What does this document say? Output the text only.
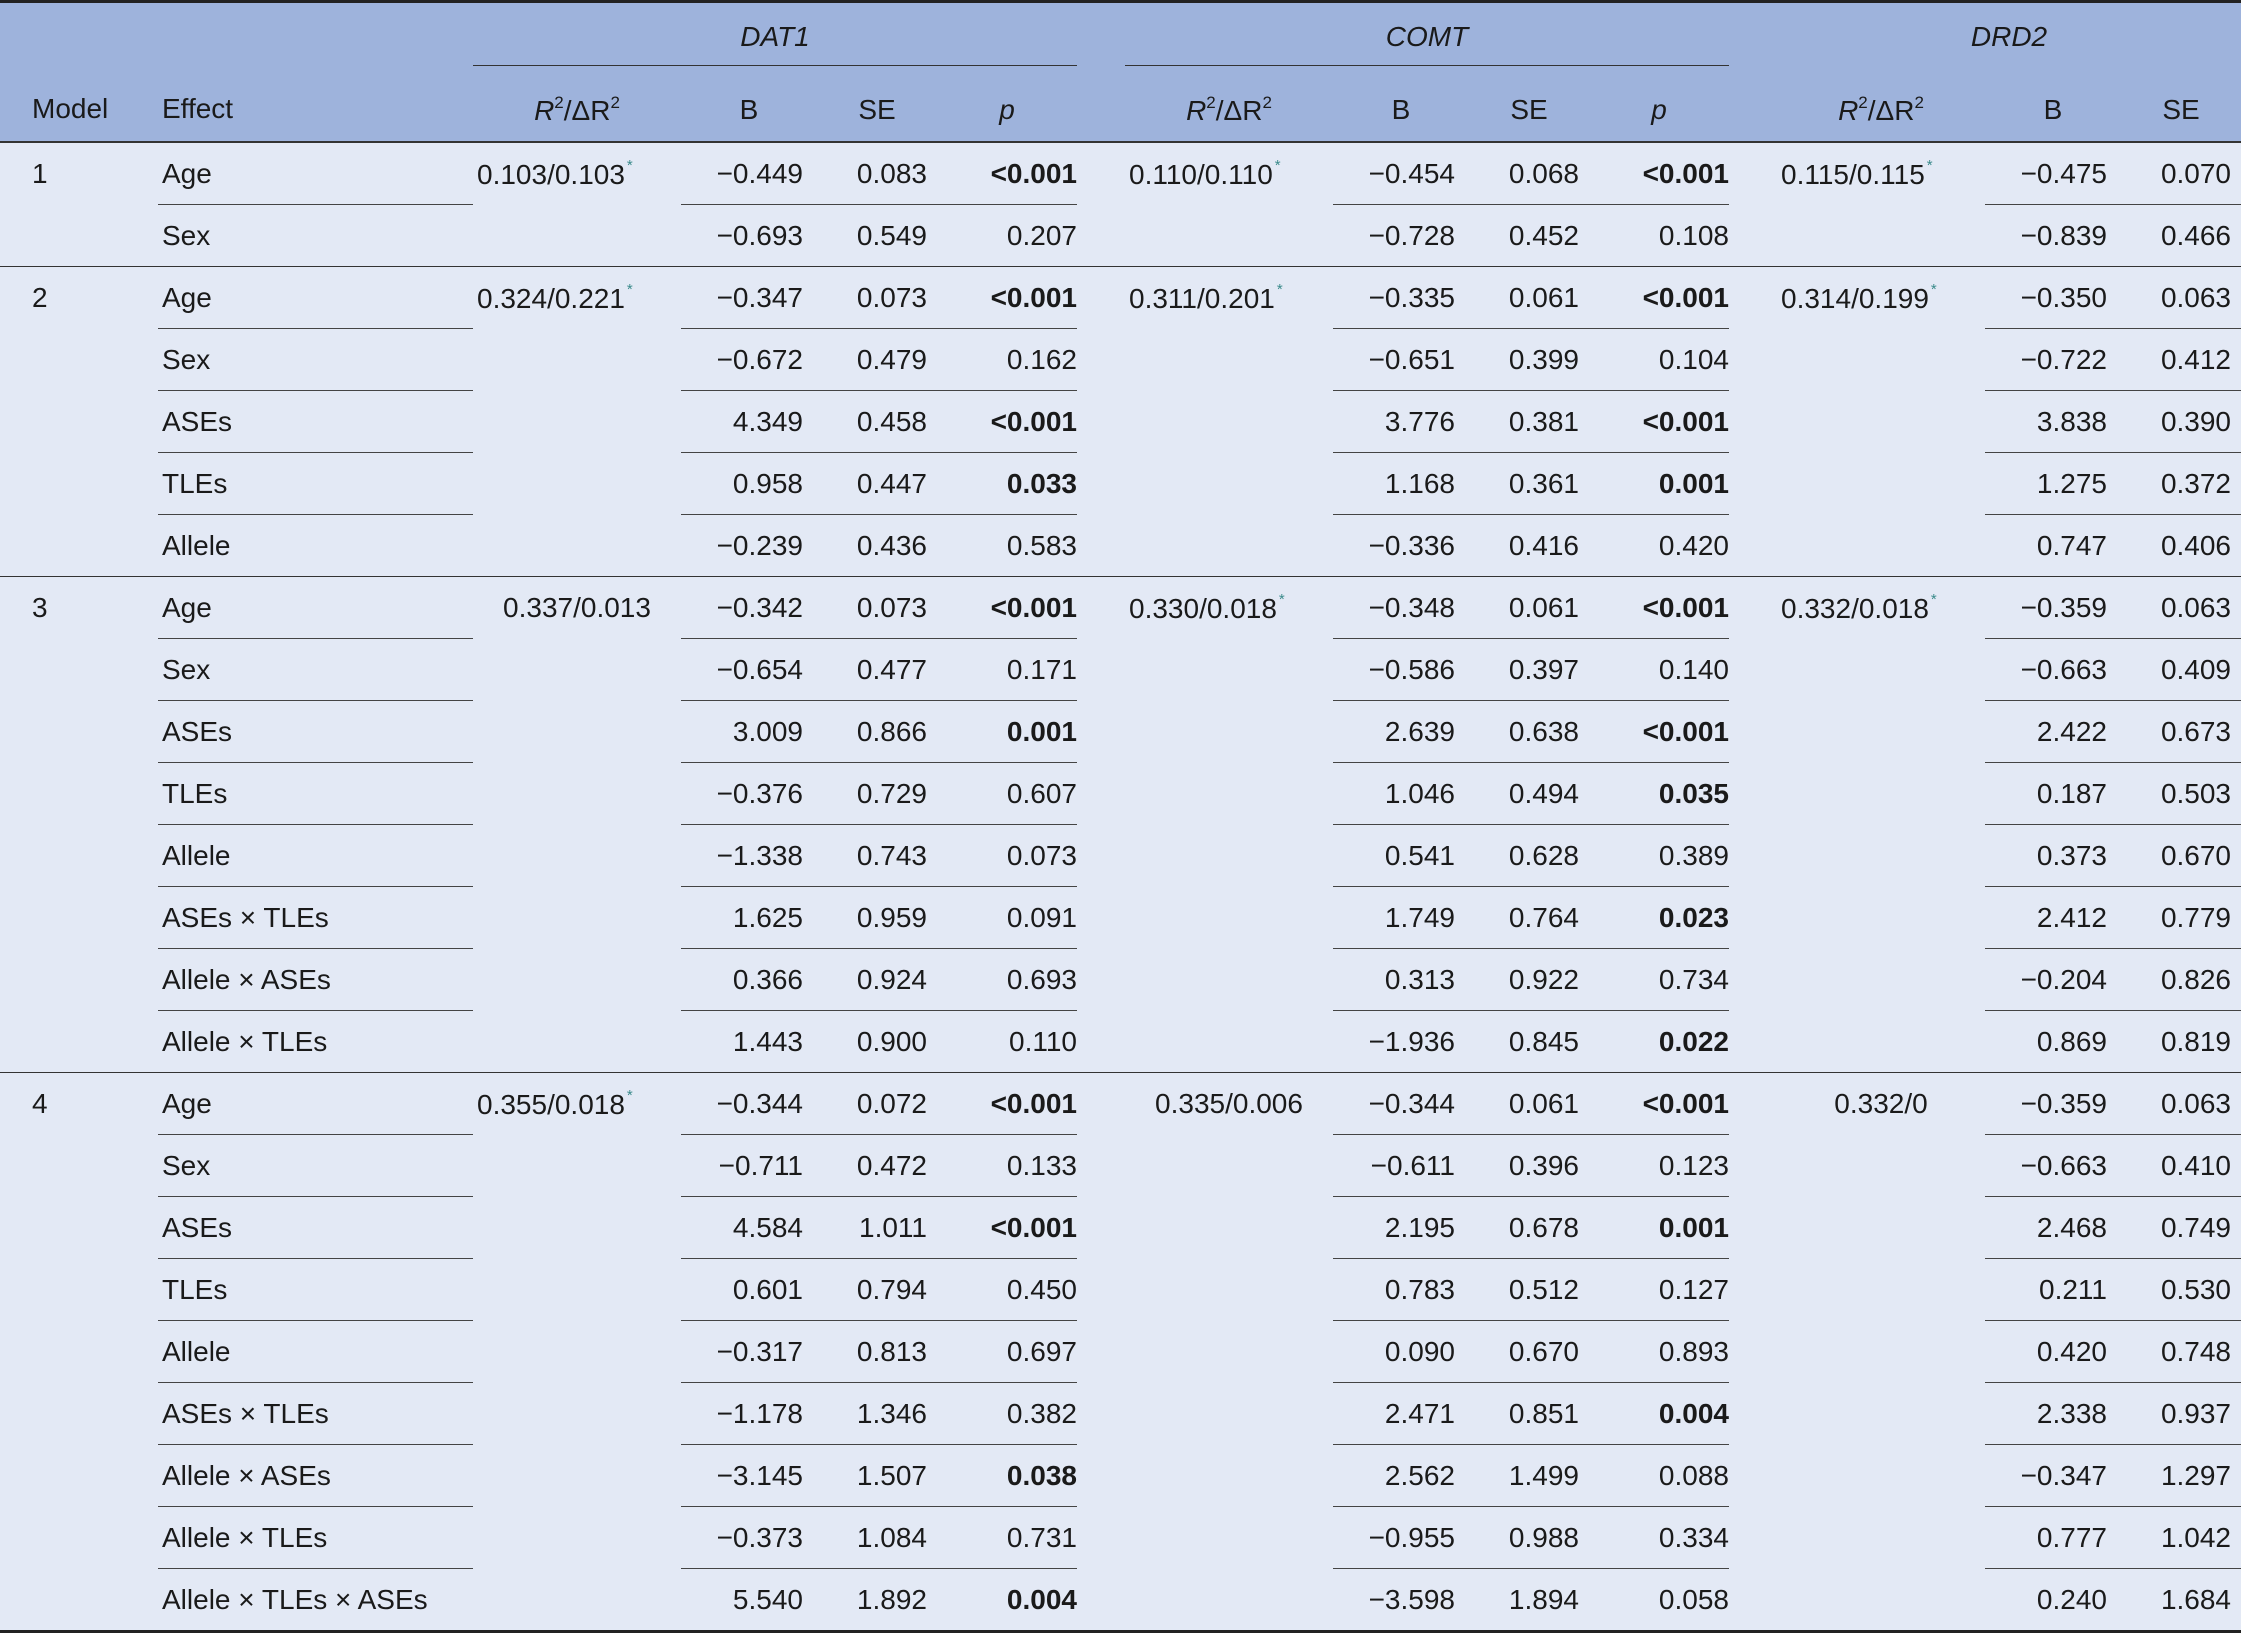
Model	Effect	DAT1					COMT					DRD2		

		$R^2/\Delta R^2$	B	SE	p		$R^2/\Delta R^2$	B	SE	p		$R^2/\Delta R^2$	B	SE
1	Age	0.103/0.103 *	−0.449	0.083	<0.001		0.110/0.110 *	−0.454	0.068	<0.001		0.115/0.115 *	−0.475	0.070
	Sex		−0.693	0.549	0.207			−0.728	0.452	0.108			−0.839	0.466
2	Age	0.324/0.221 *	−0.347	0.073	<0.001		0.311/0.201 *	−0.335	0.061	<0.001		0.314/0.199 *	−0.350	0.063
	Sex		−0.672	0.479	0.162			−0.651	0.399	0.104			−0.722	0.412
	ASEs		4.349	0.458	<0.001			3.776	0.381	<0.001			3.838	0.390
	TLEs		0.958	0.447	0.033			1.168	0.361	0.001			1.275	0.372
	Allele		−0.239	0.436	0.583			−0.336	0.416	0.420			0.747	0.406
3	Age	0.337/0.013	−0.342	0.073	<0.001		0.330/0.018 *	−0.348	0.061	<0.001		0.332/0.018 *	−0.359	0.063
	Sex		−0.654	0.477	0.171			−0.586	0.397	0.140			−0.663	0.409
	ASEs		3.009	0.866	0.001			2.639	0.638	<0.001			2.422	0.673
	TLEs		−0.376	0.729	0.607			1.046	0.494	0.035			0.187	0.503
	Allele		−1.338	0.743	0.073			0.541	0.628	0.389			0.373	0.670
	ASEs × TLEs		1.625	0.959	0.091			1.749	0.764	0.023			2.412	0.779
	Allele × ASEs		0.366	0.924	0.693			0.313	0.922	0.734			−0.204	0.826
	Allele × TLEs		1.443	0.900	0.110			−1.936	0.845	0.022			0.869	0.819
4	Age	0.355/0.018 *	−0.344	0.072	<0.001		0.335/0.006	−0.344	0.061	<0.001		0.332/0	−0.359	0.063
	Sex		−0.711	0.472	0.133			−0.611	0.396	0.123			−0.663	0.410
	ASEs		4.584	1.011	<0.001			2.195	0.678	0.001			2.468	0.749
	TLEs		0.601	0.794	0.450			0.783	0.512	0.127			0.211	0.530
	Allele		−0.317	0.813	0.697			0.090	0.670	0.893			0.420	0.748
	ASEs × TLEs		−1.178	1.346	0.382			2.471	0.851	0.004			2.338	0.937
	Allele × ASEs		−3.145	1.507	0.038			2.562	1.499	0.088			−0.347	1.297
	Allele × TLEs		−0.373	1.084	0.731			−0.955	0.988	0.334			0.777	1.042
	Allele × TLEs × ASEs		5.540	1.892	0.004			−3.598	1.894	0.058			0.240	1.684
